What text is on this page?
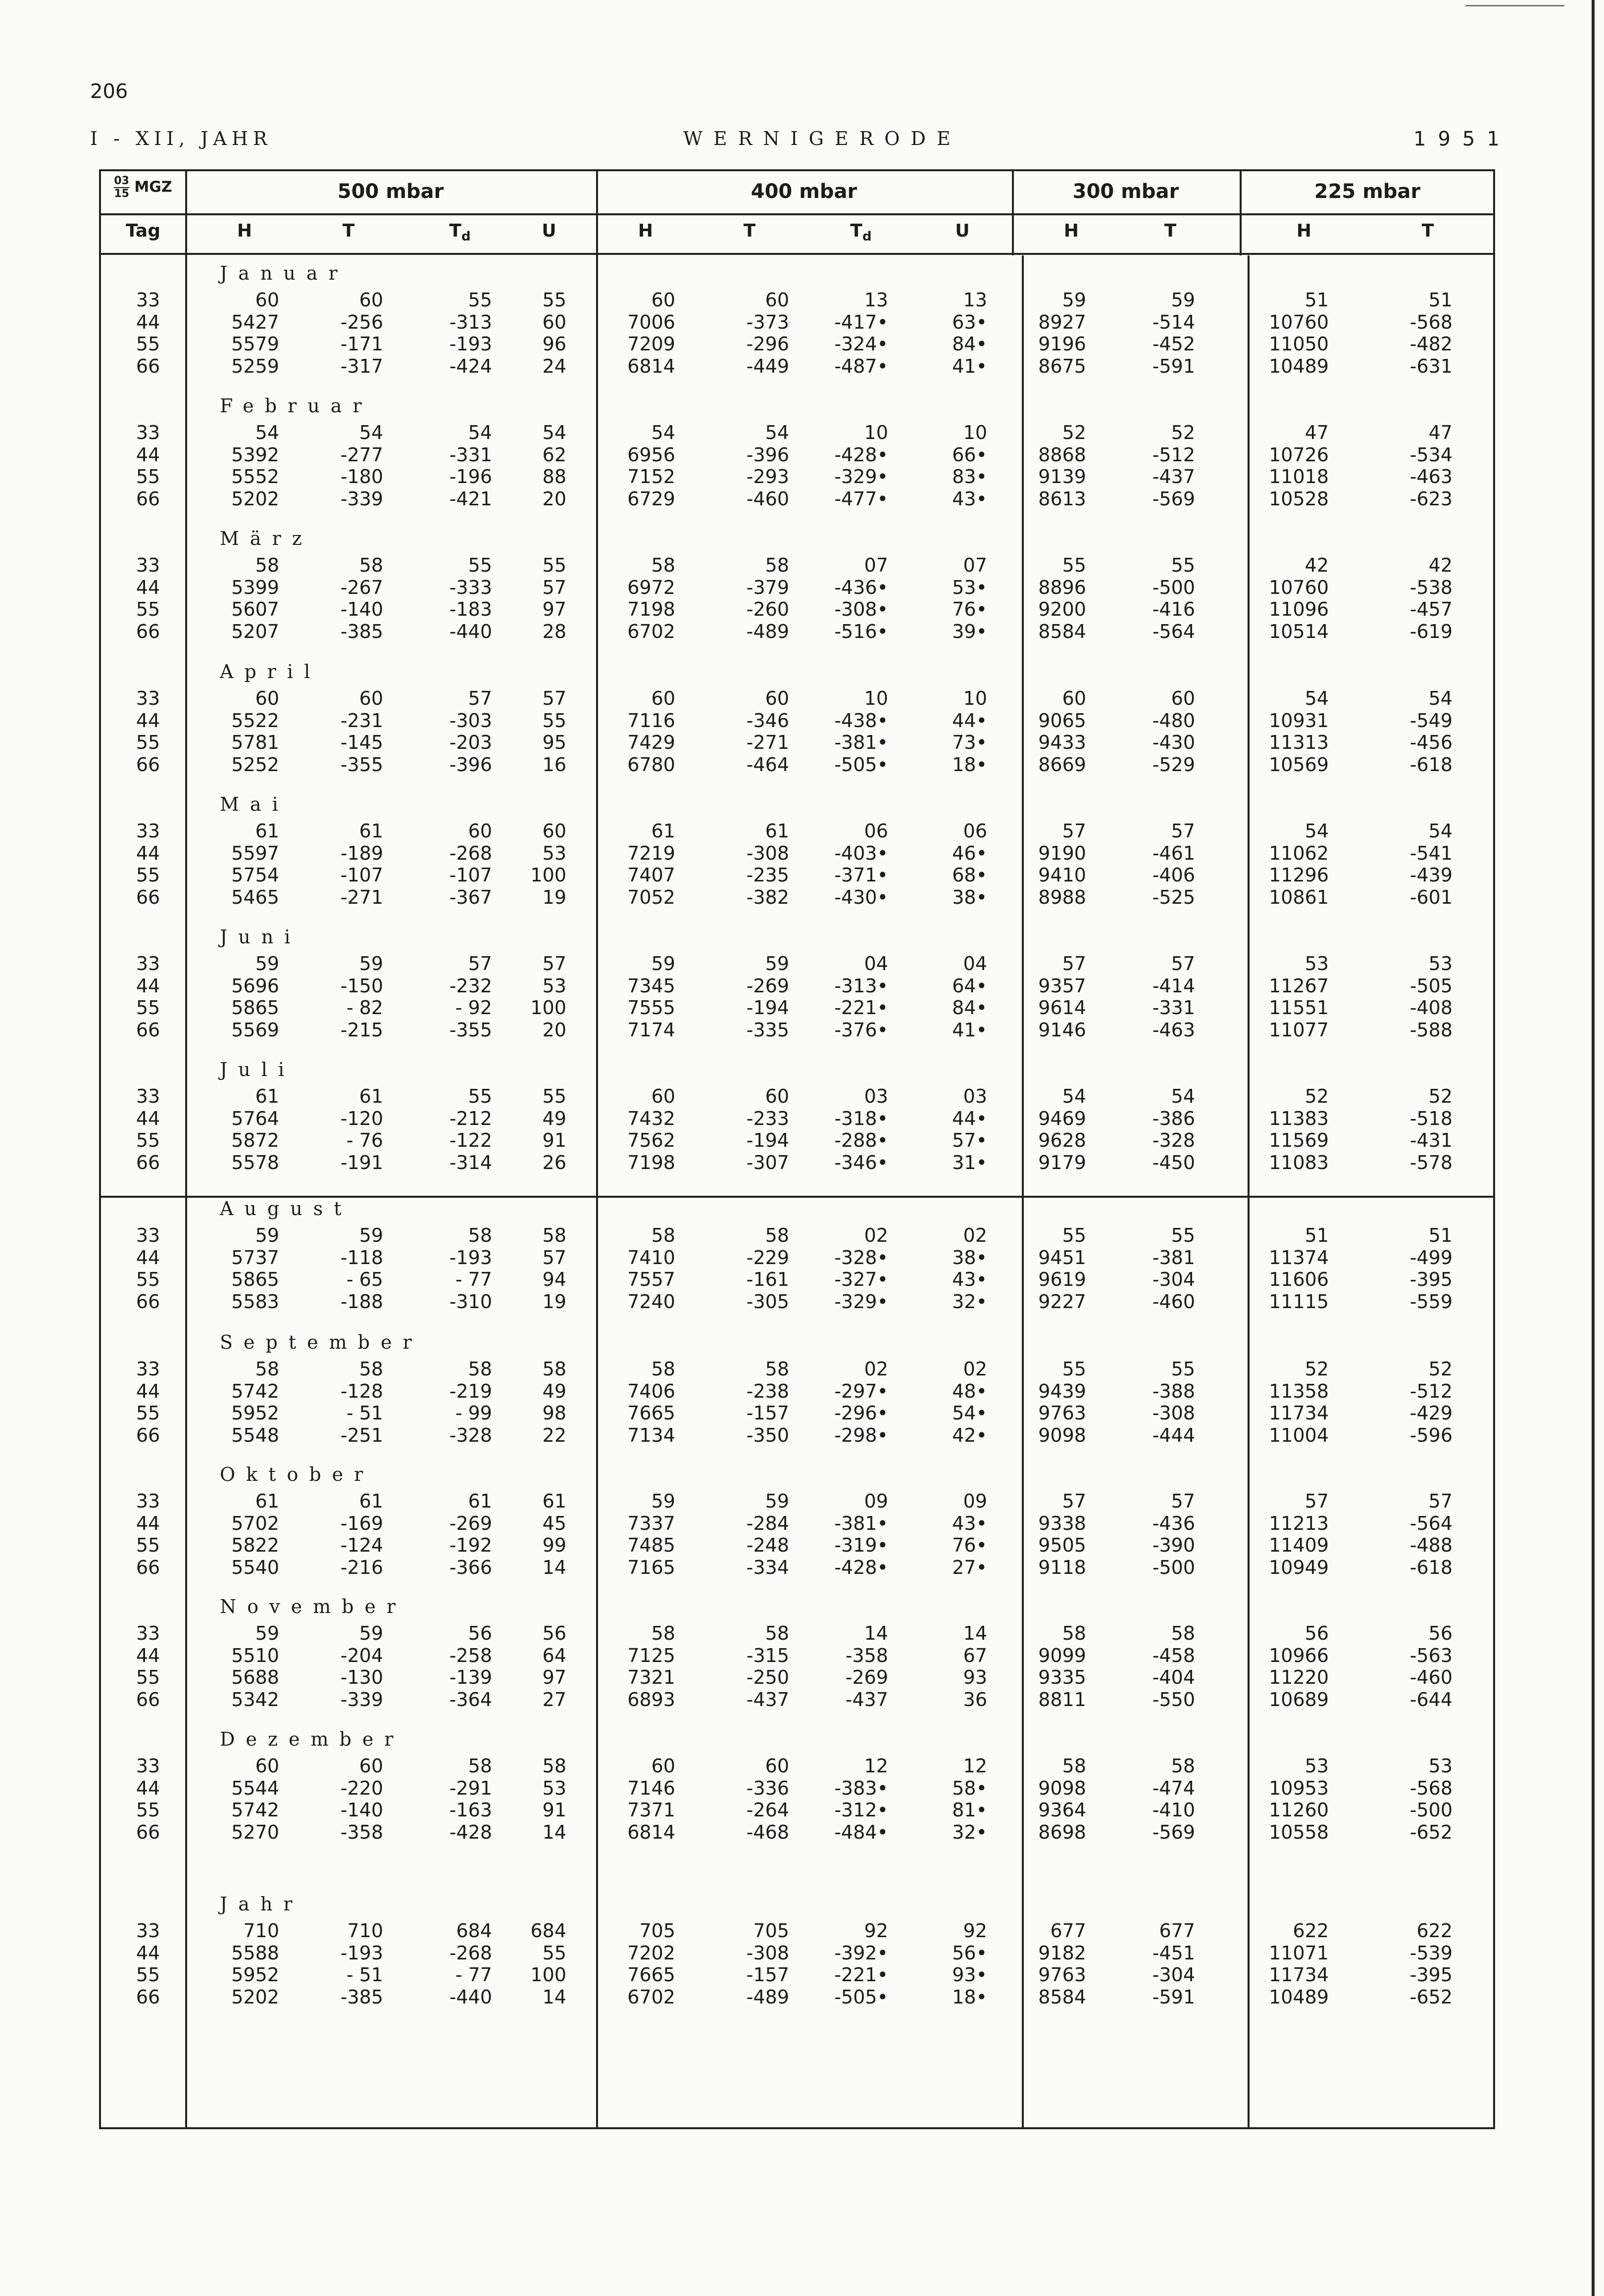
206
I - XII, JAHR	WERNIGERODE	1951
03
15 MGZ
Tag
500 mbar	400 mbar	300 mbar	225 mbar
H	T	$T_d$	U	H	T	$T_d$	U	H	T	H	T
Januar
33	60	60	55	55	60	60	13	13	59	59	51	51
44	5427	-256	-313	60	7006	-373	-417•	63•	8927	-514	10760	-568
55	5579	-171	-193	96	7209	-296	-324•	84•	9196	-452	11050	-482
66	5259	-317	-424	24	6814	-449	-487•	41•	8675	-591	10489	-631
Februar
33	54	54	54	54	54	54	10	10	52	52	47	47
44	5392	-277	-331	62	6956	-396	-428•	66•	8868	-512	10726	-534
55	5552	-180	-196	88	7152	-293	-329•	83•	9139	-437	11018	-463
66	5202	-339	-421	20	6729	-460	-477•	43•	8613	-569	10528	-623
März
33	58	58	55	55	58	58	07	07	55	55	42	42
44	5399	-267	-333	57	6972	-379	-436•	53•	8896	-500	10760	-538
55	5607	-140	-183	97	7198	-260	-308•	76•	9200	-416	11096	-457
66	5207	-385	-440	28	6702	-489	-516•	39•	8584	-564	10514	-619
April
33	60	60	57	57	60	60	10	10	60	60	54	54
44	5522	-231	-303	55	7116	-346	-438•	44•	9065	-480	10931	-549
55	5781	-145	-203	95	7429	-271	-381•	73•	9433	-430	11313	-456
66	5252	-355	-396	16	6780	-464	-505•	18•	8669	-529	10569	-618
Mai
33	61	61	60	60	61	61	06	06	57	57	54	54
44	5597	-189	-268	53	7219	-308	-403•	46•	9190	-461	11062	-541
55	5754	-107	-107	100	7407	-235	-371•	68•	9410	-406	11296	-439
66	5465	-271	-367	19	7052	-382	-430•	38•	8988	-525	10861	-601
Juni
33	59	59	57	57	59	59	04	04	57	57	53	53
44	5696	-150	-232	53	7345	-269	-313•	64•	9357	-414	11267	-505
55	5865	- 82	- 92	100	7555	-194	-221•	84•	9614	-331	11551	-408
66	5569	-215	-355	20	7174	-335	-376•	41•	9146	-463	11077	-588
Juli
33	61	61	55	55	60	60	03	03	54	54	52	52
44	5764	-120	-212	49	7432	-233	-318•	44•	9469	-386	11383	-518
55	5872	- 76	-122	91	7562	-194	-288•	57•	9628	-328	11569	-431
66	5578	-191	-314	26	7198	-307	-346•	31•	9179	-450	11083	-578
August
33	59	59	58	58	58	58	02	02	55	55	51	51
44	5737	-118	-193	57	7410	-229	-328•	38•	9451	-381	11374	-499
55	5865	- 65	- 77	94	7557	-161	-327•	43•	9619	-304	11606	-395
66	5583	-188	-310	19	7240	-305	-329•	32•	9227	-460	11115	-559
September
33	58	58	58	58	58	58	02	02	55	55	52	52
44	5742	-128	-219	49	7406	-238	-297•	48•	9439	-388	11358	-512
55	5952	- 51	- 99	98	7665	-157	-296•	54•	9763	-308	11734	-429
66	5548	-251	-328	22	7134	-350	-298•	42•	9098	-444	11004	-596
Oktober
33	61	61	61	61	59	59	09	09	57	57	57	57
44	5702	-169	-269	45	7337	-284	-381•	43•	9338	-436	11213	-564
55	5822	-124	-192	99	7485	-248	-319•	76•	9505	-390	11409	-488
66	5540	-216	-366	14	7165	-334	-428•	27•	9118	-500	10949	-618
November
33	59	59	56	56	58	58	14	14	58	58	56	56
44	5510	-204	-258	64	7125	-315	-358	67	9099	-458	10966	-563
55	5688	-130	-139	97	7321	-250	-269	93	9335	-404	11220	-460
66	5342	-339	-364	27	6893	-437	-437	36	8811	-550	10689	-644
Dezember
33	60	60	58	58	60	60	12	12	58	58	53	53
44	5544	-220	-291	53	7146	-336	-383•	58•	9098	-474	10953	-568
55	5742	-140	-163	91	7371	-264	-312•	81•	9364	-410	11260	-500
66	5270	-358	-428	14	6814	-468	-484•	32•	8698	-569	10558	-652
Jahr
33	710	710	684	684	705	705	92	92	677	677	622	622
44	5588	-193	-268	55	7202	-308	-392•	56•	9182	-451	11071	-539
55	5952	- 51	- 77	100	7665	-157	-221•	93•	9763	-304	11734	-395
66	5202	-385	-440	14	6702	-489	-505•	18•	8584	-591	10489	-652
